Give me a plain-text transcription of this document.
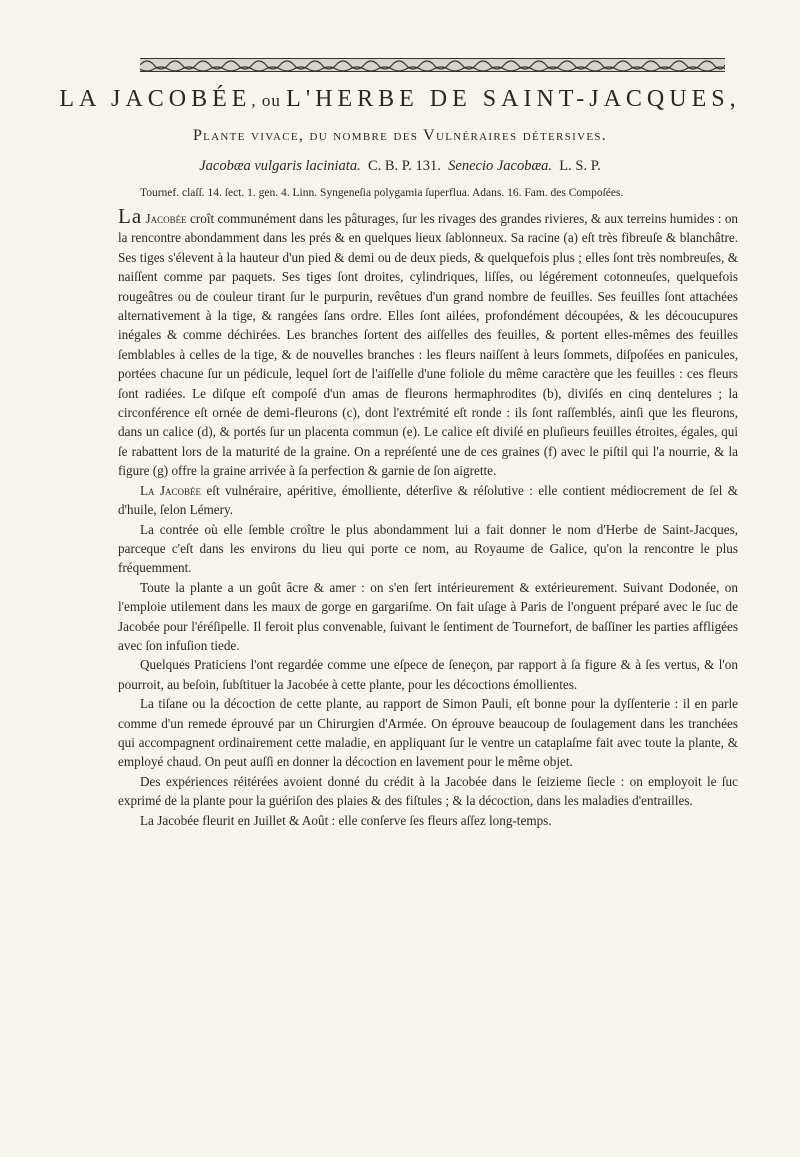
LA JACOBÉE, ou L'HERBE DE SAINT-JACQUES,
Plante vivace, du nombre des Vulnéraires détersives.
Jacobæa vulgaris laciniata. C. B. P. 131. Senecio Jacobæa. L. S. P.
Tournef. claſſ. 14. ſect. 1. gen. 4. Linn. Syngeneſia polygamia ſuperflua. Adans. 16. Fam. des Compoſées.

La Jacobée croît communément dans les pâturages, ſur les rivages des grandes rivieres, & aux terreins humides : on la rencontre abondamment dans les prés & en quelques lieux ſablonneux. Sa racine (a) eſt très fibreuſe & blanchâtre. Ses tiges s'élevent à la hauteur d'un pied & demi ou de deux pieds, & quelquefois plus ; elles ſont très nombreuſes, & naiſſent comme par paquets. Ses tiges ſont droites, cylindriques, liſſes, ou légérement cotonneuſes, quelquefois rougeâtres ou de couleur tirant ſur le purpurin, revêtues d'un grand nombre de feuilles. Ses feuilles ſont attachées alternativement à la tige, & rangées ſans ordre. Elles ſont ailées, profondément découpées, & les découcupures inégales & comme déchirées. Les branches ſortent des aiſſelles des feuilles, & portent elles-mêmes des feuilles ſemblables à celles de la tige, & de nouvelles branches : les fleurs naiſſent à leurs ſommets, diſpoſées en panicules, portées chacune ſur un pédicule, lequel ſort de l'aiſſelle d'une foliole du même caractère que les feuilles : ces fleurs ſont radiées. Le diſque eſt compoſé d'un amas de fleurons hermaphrodites (b), diviſés en cinq dentelures ; la circonférence eſt ornée de demi-fleurons (c), dont l'extrémité eſt ronde : ils ſont raſſemblés, ainſi que les fleurons, dans un calice (d), & portés ſur un placenta commun (e). Le calice eſt diviſé en pluſieurs feuilles étroites, égales, qui ſe rabattent lors de la maturité de la graine. On a repréſenté une de ces graines (f) avec le piſtil qui l'a nourrie, & la figure (g) offre la graine arrivée à ſa perfection & garnie de ſon aigrette.

La Jacobée eſt vulnéraire, apéritive, émolliente, déterſive & réſolutive : elle contient médiocrement de ſel & d'huile, ſelon Lémery.

La contrée où elle ſemble croître le plus abondamment lui a fait donner le nom d'Herbe de Saint-Jacques, parceque c'eſt dans les environs du lieu qui porte ce nom, au Royaume de Galice, qu'on la rencontre le plus fréquemment.

Toute la plante a un goût âcre & amer : on s'en ſert intérieurement & extérieurement. Suivant Dodonée, on l'emploie utilement dans les maux de gorge en gargariſme. On fait uſage à Paris de l'onguent préparé avec le ſuc de Jacobée pour l'éréſipelle. Il feroit plus convenable, ſuivant le ſentiment de Tournefort, de baſſiner les parties affligées avec ſon infuſion tiede.

Quelques Praticiens l'ont regardée comme une eſpece de ſeneçon, par rapport à ſa figure & à ſes vertus, & l'on pourroit, au beſoin, ſubſtituer la Jacobée à cette plante, pour les décoctions émollientes.

La tiſane ou la décoction de cette plante, au rapport de Simon Pauli, eſt bonne pour la dyſſenterie : il en parle comme d'un remede éprouvé par un Chirurgien d'Armée. On éprouve beaucoup de ſoulagement dans les tranchées qui accompagnent ordinairement cette maladie, en appliquant ſur le ventre un cataplaſme fait avec toute la plante, & employé chaud. On peut auſſi en donner la décoction en lavement pour le même objet.

Des expériences réitérées avoient donné du crédit à la Jacobée dans le ſeizieme ſiecle : on employoit le ſuc exprimé de la plante pour la guériſon des plaies & des fiſtules ; & la décoction, dans les maladies d'entrailles.

La Jacobée fleurit en Juillet & Août : elle conſerve ſes fleurs aſſez long-temps.
